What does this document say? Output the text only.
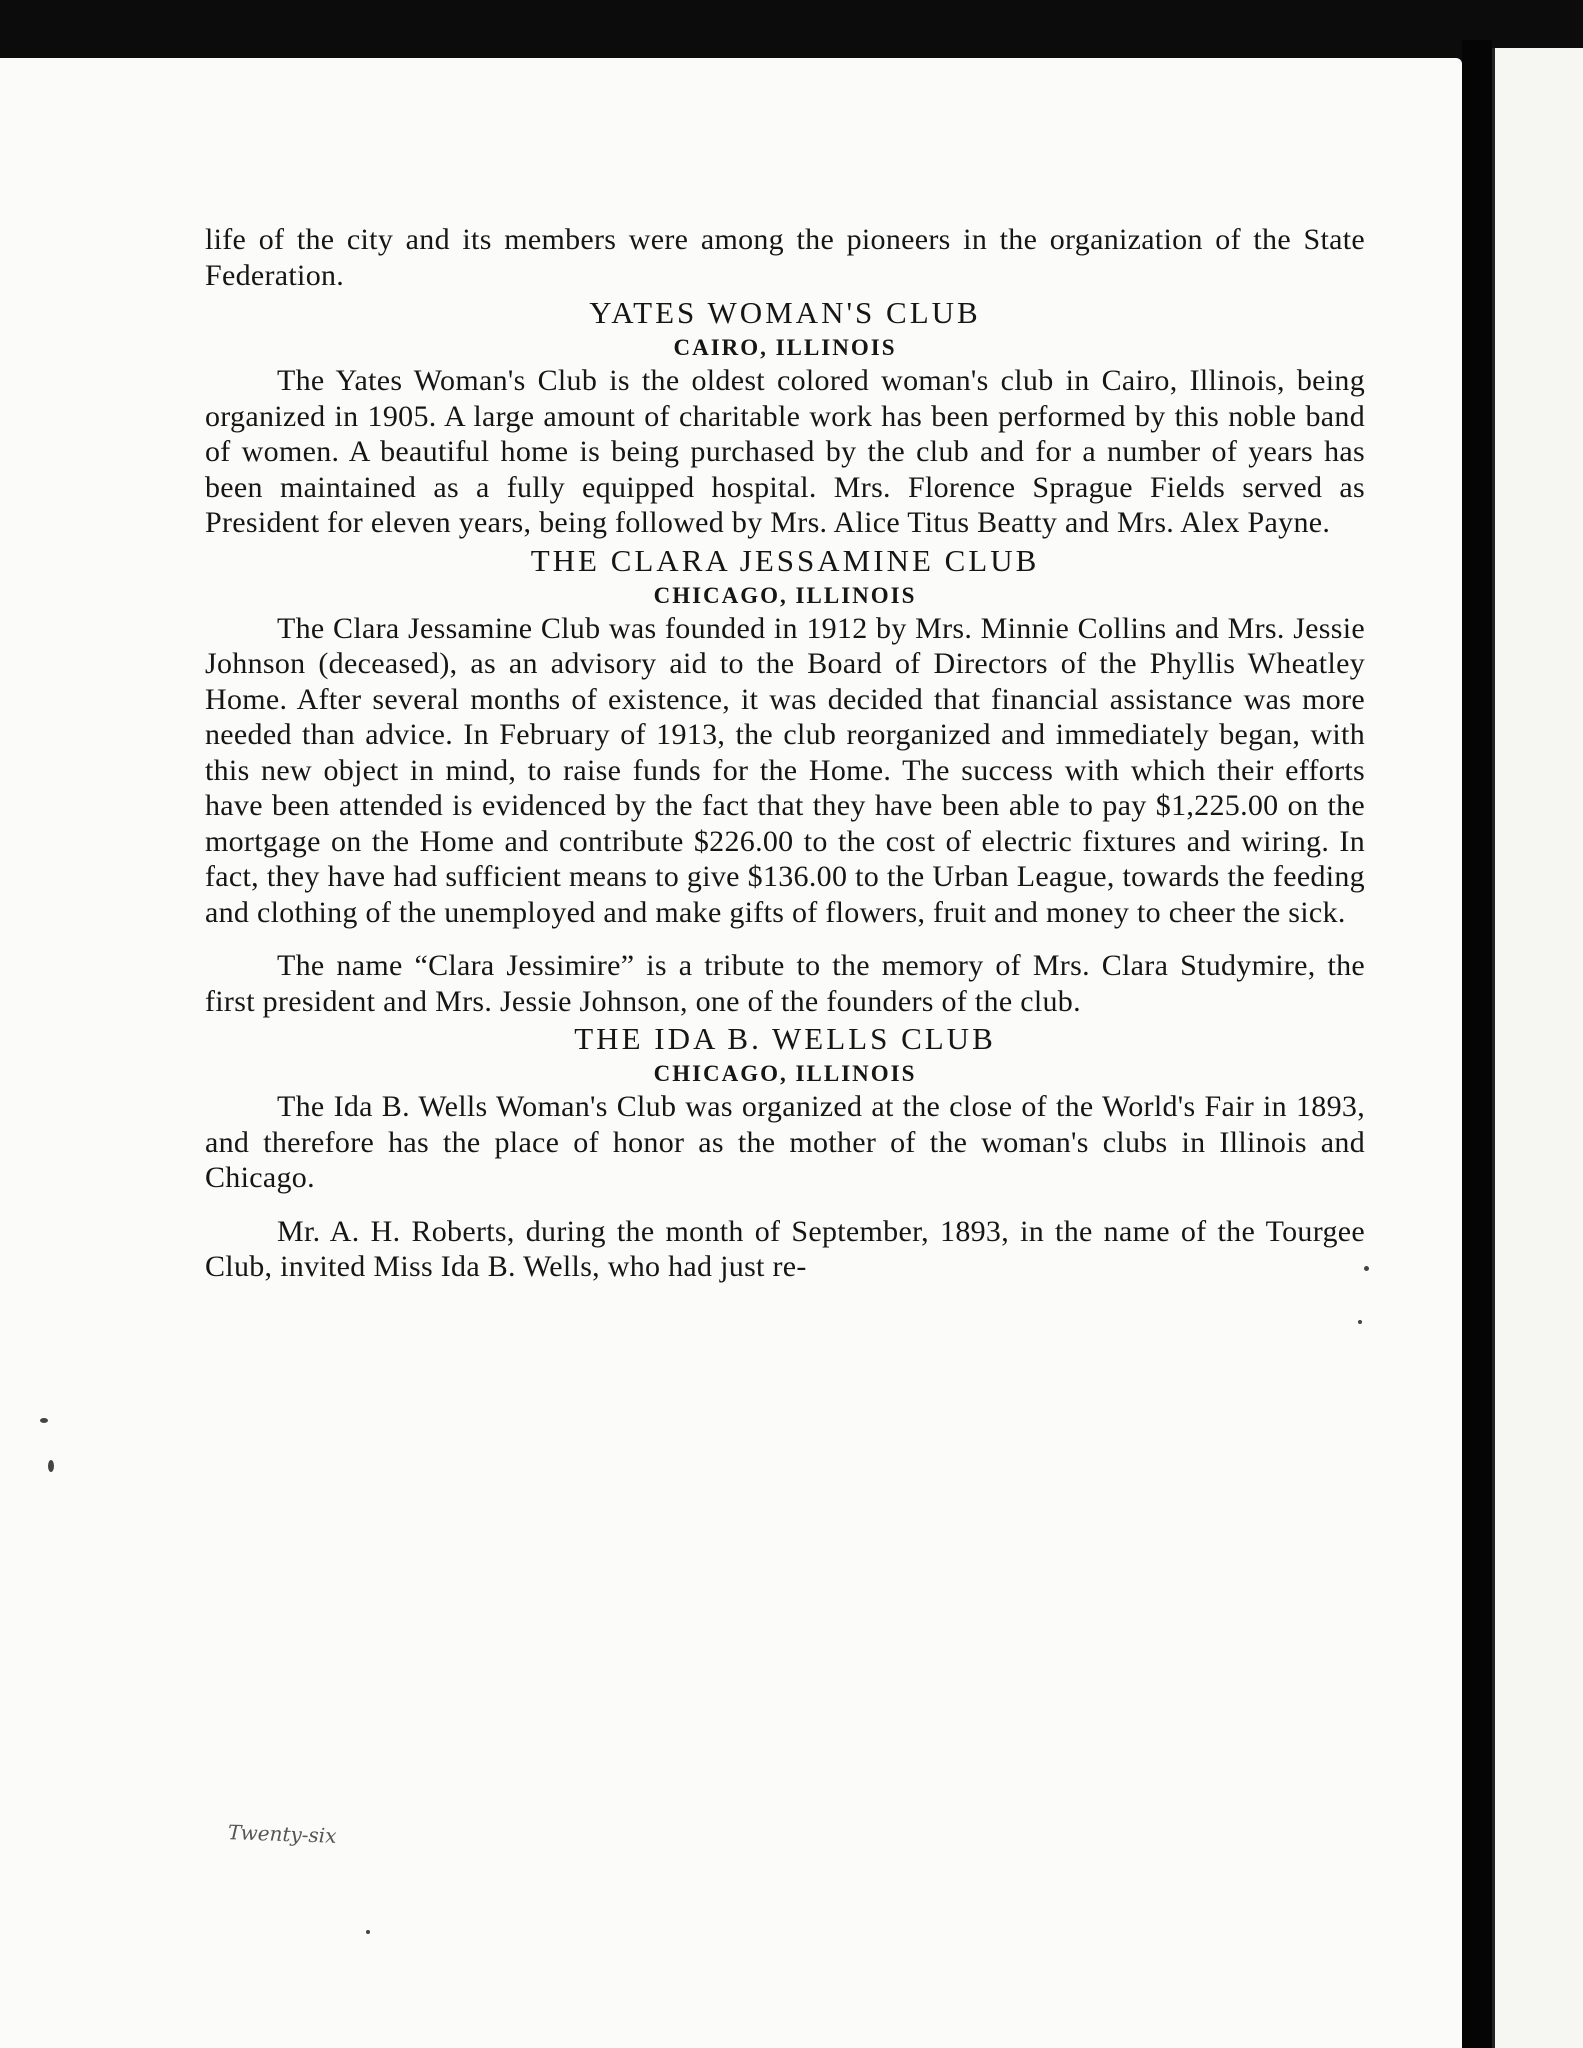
life of the city and its members were among the pioneers in the organization of the State Federation.

YATES WOMAN'S CLUB
CAIRO, ILLINOIS

The Yates Woman's Club is the oldest colored woman's club in Cairo, Illinois, being organized in 1905. A large amount of charitable work has been performed by this noble band of women. A beautiful home is being purchased by the club and for a number of years has been maintained as a fully equipped hospital. Mrs. Florence Sprague Fields served as President for eleven years, being followed by Mrs. Alice Titus Beatty and Mrs. Alex Payne.

THE CLARA JESSAMINE CLUB
CHICAGO, ILLINOIS

The Clara Jessamine Club was founded in 1912 by Mrs. Minnie Collins and Mrs. Jessie Johnson (deceased), as an advisory aid to the Board of Directors of the Phyllis Wheatley Home. After several months of existence, it was decided that financial assistance was more needed than advice. In February of 1913, the club reorganized and immediately began, with this new object in mind, to raise funds for the Home. The success with which their efforts have been attended is evidenced by the fact that they have been able to pay $1,225.00 on the mortgage on the Home and contribute $226.00 to the cost of electric fixtures and wiring. In fact, they have had sufficient means to give $136.00 to the Urban League, towards the feeding and clothing of the unemployed and make gifts of flowers, fruit and money to cheer the sick.

The name “Clara Jessimire” is a tribute to the memory of Mrs. Clara Studymire, the first president and Mrs. Jessie Johnson, one of the founders of the club.

THE IDA B. WELLS CLUB
CHICAGO, ILLINOIS

The Ida B. Wells Woman's Club was organized at the close of the World's Fair in 1893, and therefore has the place of honor as the mother of the woman's clubs in Illinois and Chicago.

Mr. A. H. Roberts, during the month of September, 1893, in the name of the Tourgee Club, invited Miss Ida B. Wells, who had just re-

Twenty-six
